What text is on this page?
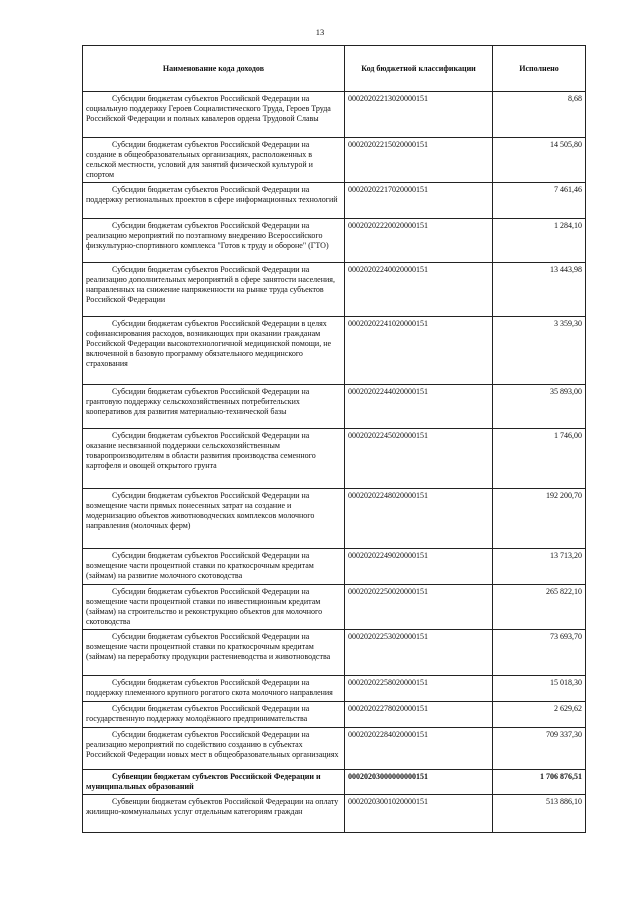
13
Наименование кода доходов	Код бюджетной классификации	Исполнено

Субсидии бюджетам субъектов Российской Федерации на социальную поддержку Героев Социалистического Труда, Героев Труда Российской Федерации и полных кавалеров ордена Трудовой Славы	00020202213020000151	8,68

Субсидии бюджетам субъектов Российской Федерации на создание в общеобразовательных организациях, расположенных в сельской местности, условий для занятий физической культурой и спортом	00020202215020000151	14 505,80

Субсидии бюджетам субъектов Российской Федерации на поддержку региональных проектов в сфере информационных технологий	00020202217020000151	7 461,46

Субсидии бюджетам субъектов Российской Федерации на реализацию мероприятий по поэтапному внедрению Всероссийского физкультурно-спортивного комплекса "Готов к труду и обороне" (ГТО)	00020202220020000151	1 284,10

Субсидии бюджетам субъектов Российской Федерации на реализацию дополнительных мероприятий в сфере занятости населения, направленных на снижение напряженности на рынке труда субъектов Российской Федерации	00020202240020000151	13 443,98

Субсидии бюджетам субъектов Российской Федерации в целях софинансирования расходов, возникающих при оказании гражданам Российской Федерации высокотехнологичной медицинской помощи, не включенной в базовую программу обязательного медицинского страхования	00020202241020000151	3 359,30

Субсидии бюджетам субъектов Российской Федерации на грантовую поддержку сельскохозяйственных потребительских кооперативов для развития материально-технической базы	00020202244020000151	35 893,00

Субсидии бюджетам субъектов Российской Федерации на оказание несвязанной поддержки сельскохозяйственным товаропроизводителям в области развития производства семенного картофеля и овощей открытого грунта	00020202245020000151	1 746,00

Субсидии бюджетам субъектов Российской Федерации на возмещение части прямых понесенных затрат на создание и модернизацию объектов животноводческих комплексов молочного направления (молочных ферм)	00020202248020000151	192 200,70

Субсидии бюджетам субъектов Российской Федерации на возмещение части процентной ставки по краткосрочным кредитам (займам) на развитие молочного скотоводства	00020202249020000151	13 713,20

Субсидии бюджетам субъектов Российской Федерации на возмещение части процентной ставки по инвестиционным кредитам (займам) на строительство и реконструкцию объектов для молочного скотоводства	00020202250020000151	265 822,10

Субсидии бюджетам субъектов Российской Федерации на возмещение части процентной ставки по краткосрочным кредитам (займам) на переработку продукции растениеводства и животноводства	00020202253020000151	73 693,70

Субсидии бюджетам субъектов Российской Федерации на поддержку племенного крупного рогатого скота молочного направления	00020202258020000151	15 018,30

Субсидии бюджетам субъектов Российской Федерации на государственную поддержку молодёжного предпринимательства	00020202278020000151	2 629,62

Субсидии бюджетам субъектов Российской Федерации на реализацию мероприятий по содействию созданию в субъектах Российской Федерации новых мест в общеобразовательных организациях	00020202284020000151	709 337,30

Субвенции бюджетам субъектов Российской Федерации и муниципальных образований	00020203000000000151	1 706 876,51

Субвенции бюджетам субъектов Российской Федерации на оплату жилищно-коммунальных услуг отдельным категориям граждан	00020203001020000151	513 886,10
